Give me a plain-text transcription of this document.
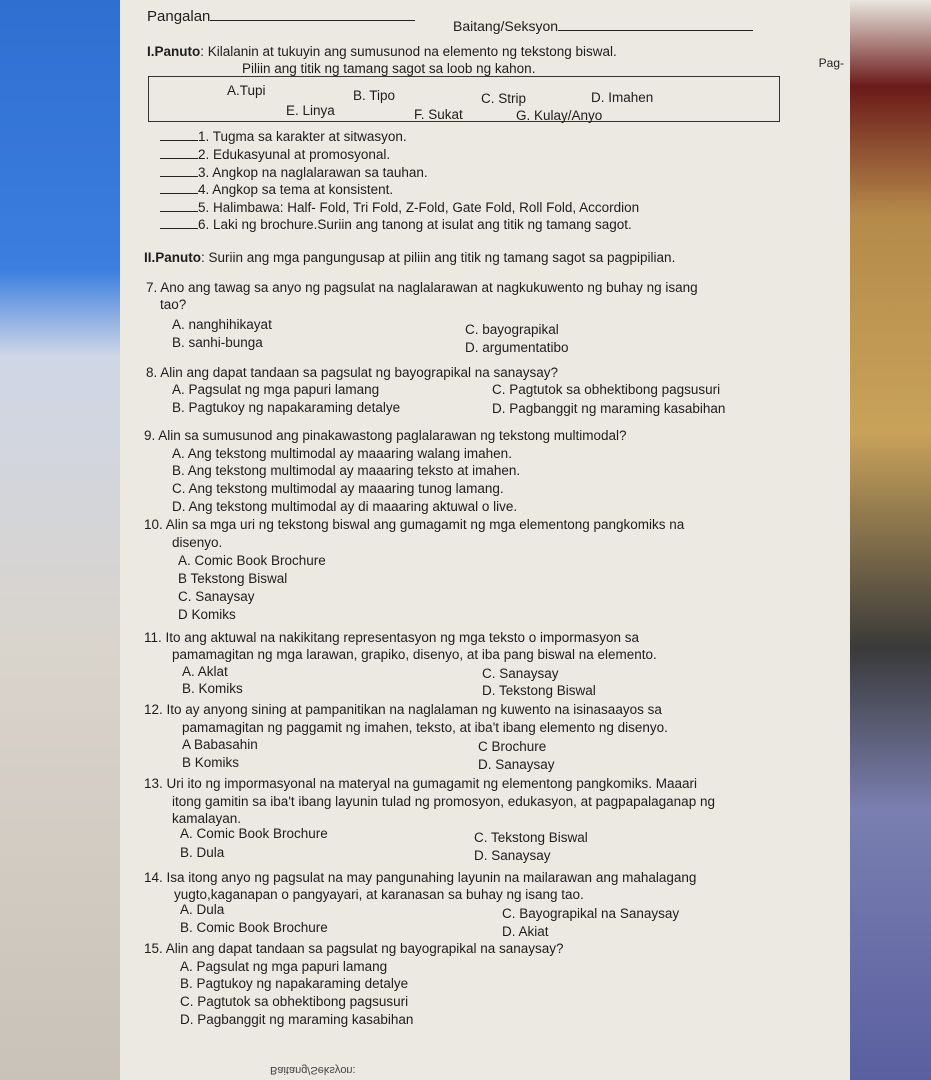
Pangalan
Baitang/Seksyon
Pag-
I.Panuto: Kilalanin at tukuyin ang sumusunod na elemento ng tekstong biswal.
Piliin ang titik ng tamang sagot sa loob ng kahon.
A.Tupi	B. Tipo	C. Strip	D. Imahen
E. Linya	F. Sukat	G. Kulay/Anyo
1. Tugma sa karakter at sitwasyon.
2. Edukasyunal at promosyonal.
3. Angkop na naglalarawan sa tauhan.
4. Angkop sa tema at konsistent.
5. Halimbawa: Half- Fold, Tri Fold, Z-Fold, Gate Fold, Roll Fold, Accordion
6. Laki ng brochure.Suriin ang tanong at isulat ang titik ng tamang sagot.
II.Panuto: Suriin ang mga pangungusap at piliin ang titik ng tamang sagot sa pagpipilian.
7. Ano ang tawag sa anyo ng pagsulat na naglalarawan at nagkukuwento ng buhay ng isang
tao?
A. nanghihikayat	C. bayograpikal
B. sanhi-bunga	D. argumentatibo
8. Alin ang dapat tandaan sa pagsulat ng bayograpikal na sanaysay?
A. Pagsulat ng mga papuri lamang	C. Pagtutok sa obhektibong pagsusuri
B. Pagtukoy ng napakaraming detalye	D. Pagbanggit ng maraming kasabihan
9. Alin sa sumusunod ang pinakawastong paglalarawan ng tekstong multimodal?
A. Ang tekstong multimodal ay maaaring walang imahen.
B. Ang tekstong multimodal ay maaaring teksto at imahen.
C. Ang tekstong multimodal ay maaaring tunog lamang.
D. Ang tekstong multimodal ay di maaaring aktuwal o live.
10. Alin sa mga uri ng tekstong biswal ang gumagamit ng mga elementong pangkomiks na
disenyo.
A. Comic Book Brochure
B Tekstong Biswal
C. Sanaysay
D Komiks
11. Ito ang aktuwal na nakikitang representasyon ng mga teksto o impormasyon sa
pamamagitan ng mga larawan, grapiko, disenyo, at iba pang biswal na elemento.
A. Aklat	C. Sanaysay
B. Komiks	D. Tekstong Biswal
12. Ito ay anyong sining at pampanitikan na naglalaman ng kuwento na isinasaayos sa
pamamagitan ng paggamit ng imahen, teksto, at iba't ibang elemento ng disenyo.
A Babasahin	C Brochure
B Komiks	D. Sanaysay
13. Uri ito ng impormasyonal na materyal na gumagamit ng elementong pangkomiks. Maaari
itong gamitin sa iba't ibang layunin tulad ng promosyon, edukasyon, at pagpapalaganap ng
kamalayan.
A. Comic Book Brochure	C. Tekstong Biswal
B. Dula	D. Sanaysay
14. Isa itong anyo ng pagsulat na may pangunahing layunin na mailarawan ang mahalagang
yugto,kaganapan o pangyayari, at karanasan sa buhay ng isang tao.
A. Dula	C. Bayograpikal na Sanaysay
B. Comic Book Brochure	D. Akiat
15. Alin ang dapat tandaan sa pagsulat ng bayograpikal na sanaysay?
A. Pagsulat ng mga papuri lamang
B. Pagtukoy ng napakaraming detalye
C. Pagtutok sa obhektibong pagsusuri
D. Pagbanggit ng maraming kasabihan
Baitang/Seksyon:
